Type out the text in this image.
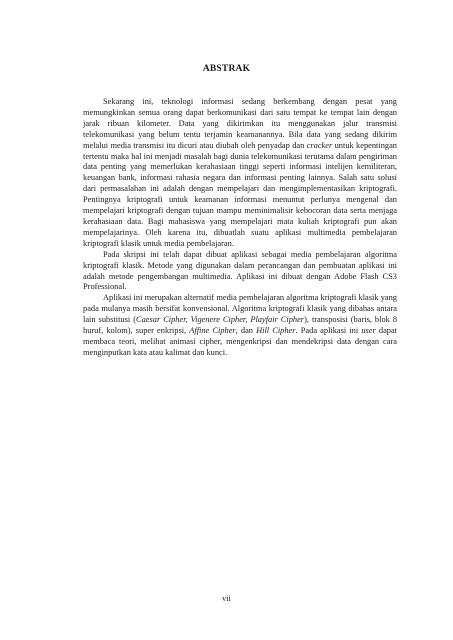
ABSTRAK

Sekarang ini, teknologi informasi sedang berkembang dengan pesat yang memungkinkan semua orang dapat berkomunikasi dari satu tempat ke tempat lain dengan jarak ribuan kilometer. Data yang dikirimkan itu menggunakan jalur transmisi telekomunikasi yang belum tentu terjamin keamanannya. Bila data yang sedang dikirim melalui media transmisi itu dicuri atau diubah oleh penyadap dan cracker untuk kepentingan tertentu maka hal ini menjadi masalah bagi dunia telekomunikasi terutama dalam pengiriman data penting yang memerlukan kerahasiaan tinggi seperti informasi intelijen kemiliteran, keuangan bank, informasi rahasia negara dan informasi penting lainnya. Salah satu solusi dari permasalahan ini adalah dengan mempelajari dan mengimplementasikan kriptografi. Pentingnya kriptografi untuk keamanan informasi menuntut perlunya mengenal dan mempelajari kriptografi dengan tujuan mampu meminimalisir kebocoran data serta menjaga kerahasiaan data. Bagi mahasiswa yang mempelajari mata kuliah kriptografi pun akan mempelajarinya. Oleh karena itu, dibuatlah suatu aplikasi multimedia pembelajaran kriptografi klasik untuk media pembelajaran.

Pada skripsi ini telah dapat dibuat aplikasi sebagai media pembelajaran algoritma kriptografi klasik. Metode yang digunakan dalam perancangan dan pembuatan aplikasi ini adalah metode pengembangan multimedia. Aplikasi ini dibuat dengan Adobe Flash CS3 Professional.

Aplikasi ini merupakan alternatif media pembelajaran algoritma kriptografi klasik yang pada mulanya masih bersifat konvensional. Algoritma kriptografi klasik yang dibahas antara lain substitusi (Caesar Cipher, Vigenere Cipher, Playfair Cipher), transposisi (baris, blok 8 huruf, kolom), super enkripsi, Affine Cipher, dan Hill Cipher. Pada aplikasi ini user dapat membaca teori, melihat animasi cipher, mengenkripsi dan mendekripsi data dengan cara menginputkan kata atau kalimat dan kunci.

vii
